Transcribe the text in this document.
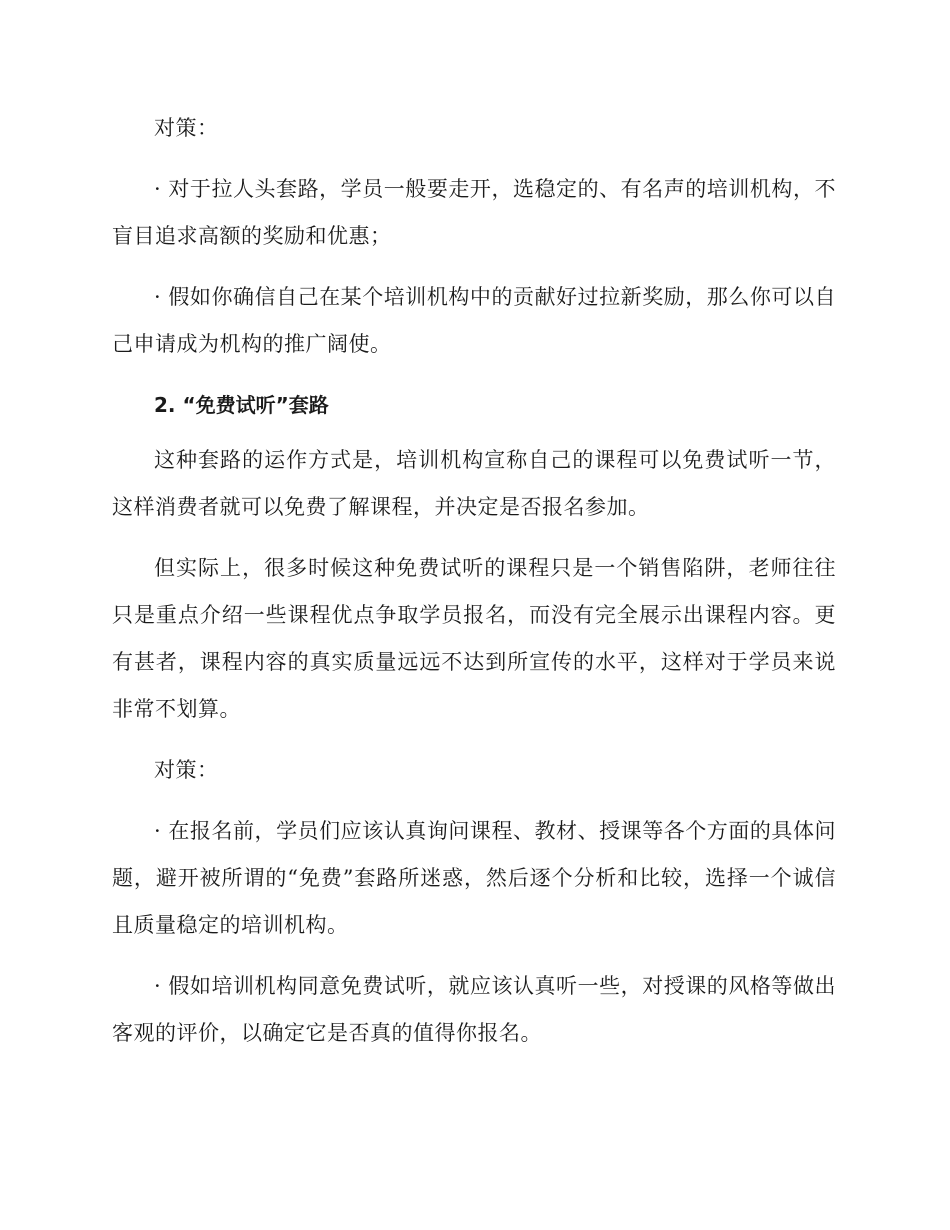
对策：

· 对于拉人头套路，学员一般要走开，选稳定的、有名声的培训机构，不盲目追求高额的奖励和优惠；

· 假如你确信自己在某个培训机构中的贡献好过拉新奖励，那么你可以自己申请成为机构的推广阔使。

2. “免费试听”套路

这种套路的运作方式是，培训机构宣称自己的课程可以免费试听一节，这样消费者就可以免费了解课程，并决定是否报名参加。

但实际上，很多时候这种免费试听的课程只是一个销售陷阱，老师往往只是重点介绍一些课程优点争取学员报名，而没有完全展示出课程内容。更有甚者，课程内容的真实质量远远不达到所宣传的水平，这样对于学员来说非常不划算。

对策：

· 在报名前，学员们应该认真询问课程、教材、授课等各个方面的具体问题，避开被所谓的“免费”套路所迷惑，然后逐个分析和比较，选择一个诚信且质量稳定的培训机构。

· 假如培训机构同意免费试听，就应该认真听一些，对授课的风格等做出客观的评价，以确定它是否真的值得你报名。
